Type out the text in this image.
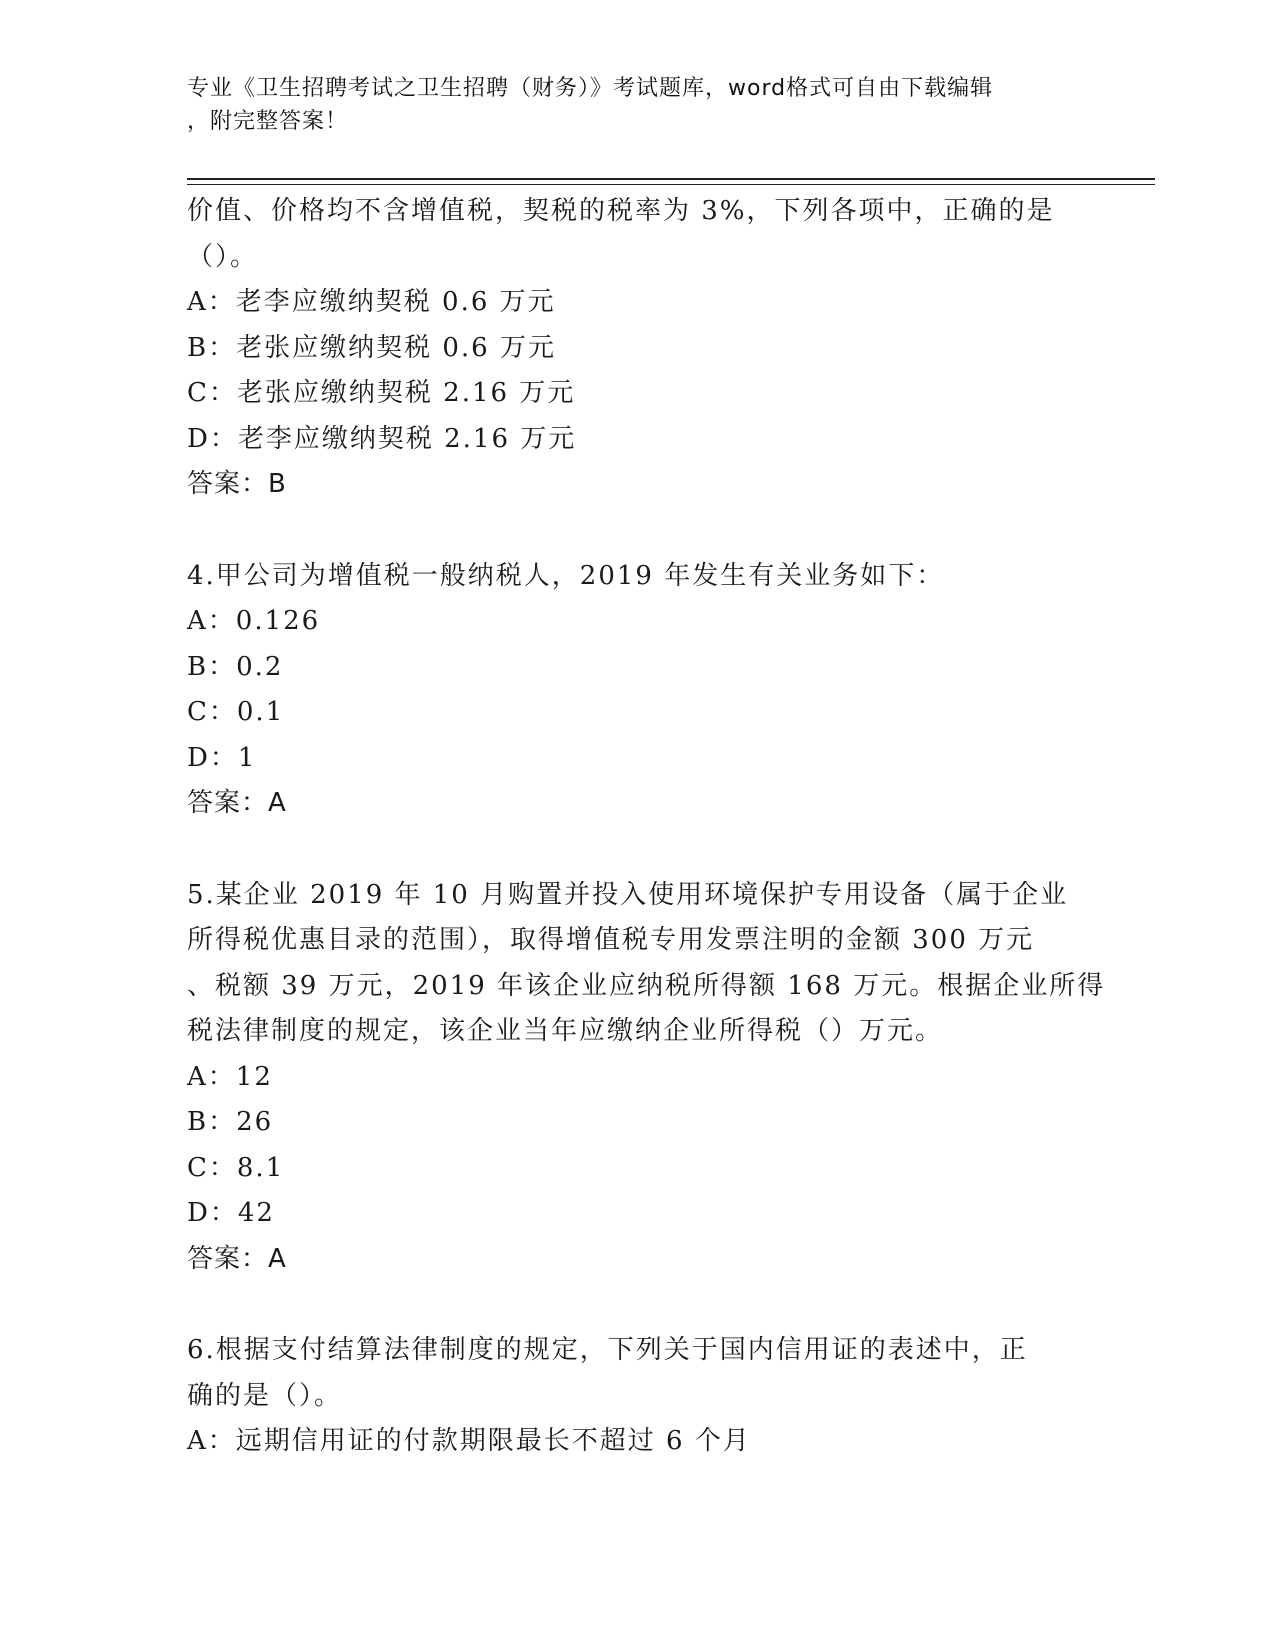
专业《卫生招聘考试之卫生招聘（财务）》考试题库，word格式可自由下载编辑
，附完整答案！
价值、价格均不含增值税，契税的税率为 3%，下列各项中，正确的是
（）。
A：老李应缴纳契税 0.6 万元
B：老张应缴纳契税 0.6 万元
C：老张应缴纳契税 2.16 万元
D：老李应缴纳契税 2.16 万元
答案：B
4.甲公司为增值税一般纳税人，2019 年发生有关业务如下：
A：0.126
B：0.2
C：0.1
D：1
答案：A
5.某企业 2019 年 10 月购置并投入使用环境保护专用设备（属于企业
所得税优惠目录的范围），取得增值税专用发票注明的金额 300 万元
、税额 39 万元，2019 年该企业应纳税所得额 168 万元。根据企业所得
税法律制度的规定，该企业当年应缴纳企业所得税（）万元。
A：12
B：26
C：8.1
D：42
答案：A
6.根据支付结算法律制度的规定，下列关于国内信用证的表述中，正
确的是（）。
A：远期信用证的付款期限最长不超过 6 个月
